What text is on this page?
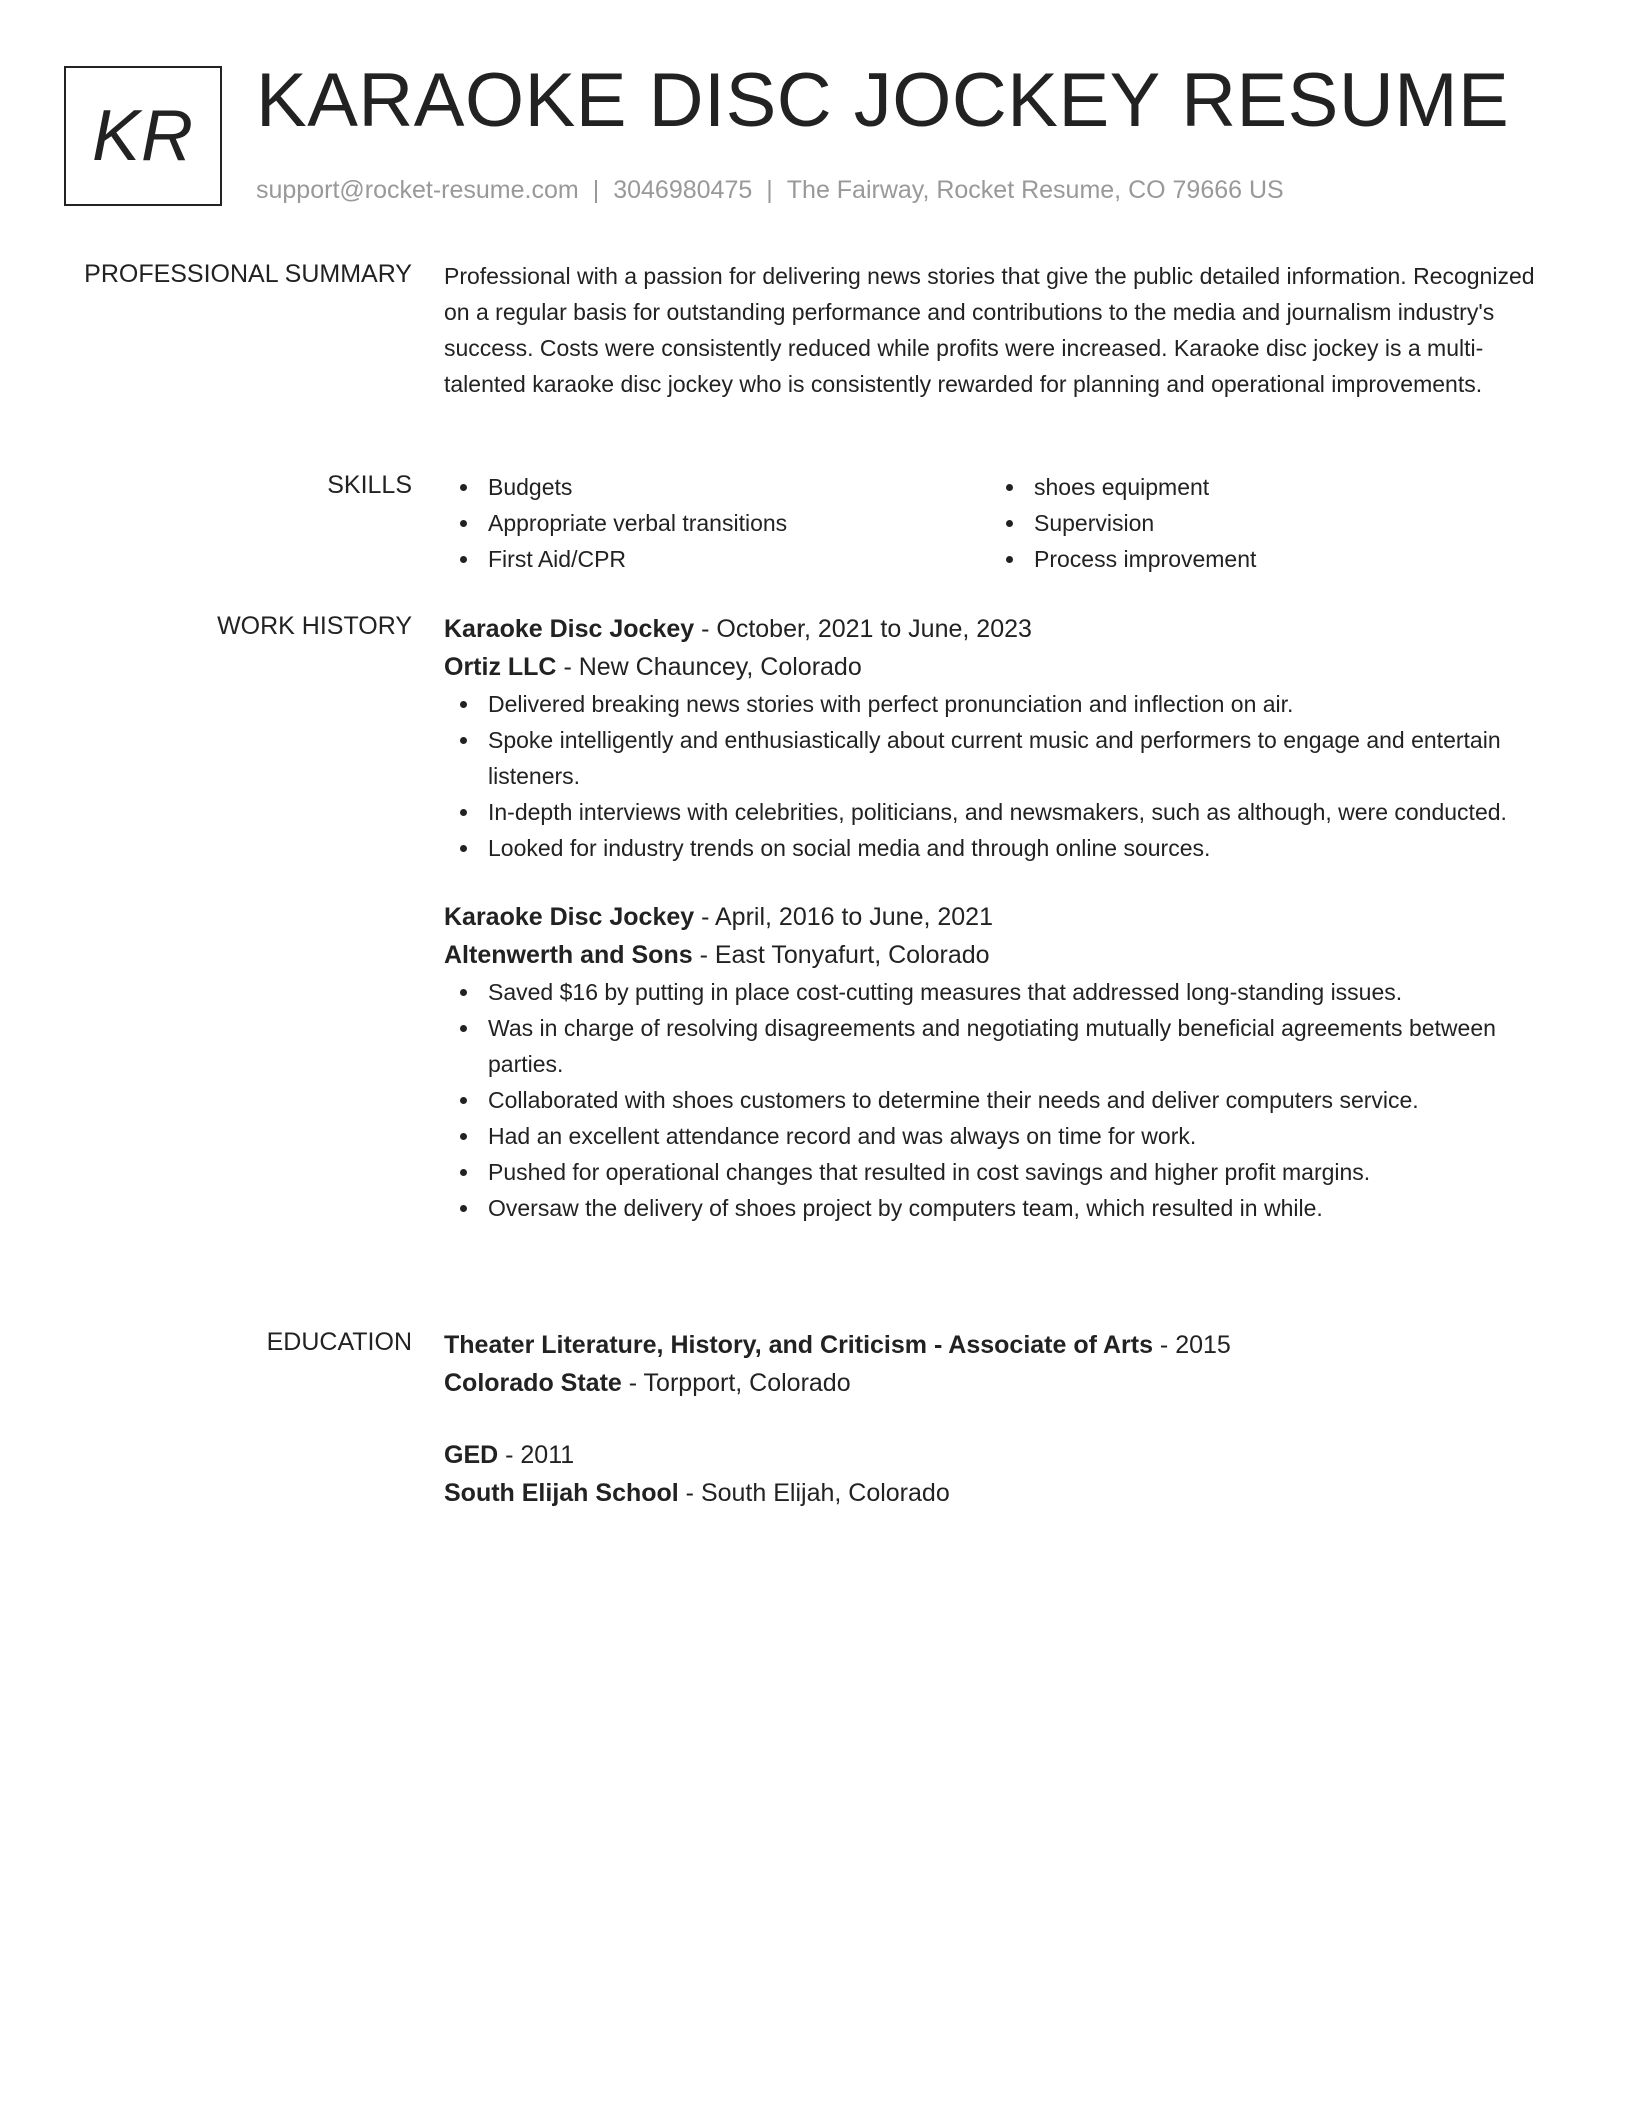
KR KARAOKE DISC JOCKEY RESUME
support@rocket-resume.com | 3046980475 | The Fairway, Rocket Resume, CO 79666 US
PROFESSIONAL SUMMARY Professional with a passion for delivering news stories that give the public detailed information. Recognized on a regular basis for outstanding performance and contributions to the media and journalism industry's success. Costs were consistently reduced while profits were increased. Karaoke disc jockey is a multi-talented karaoke disc jockey who is consistently rewarded for planning and operational improvements.

SKILLS	Budgets
Appropriate verbal transitions
First Aid/CPR
shoes equipment
Supervision
Process improvement
WORK HISTORY Karaoke Disc Jockey - October, 2021 to June, 2023
Ortiz LLC - New Chauncey, Colorado
Delivered breaking news stories with perfect pronunciation and inflection on air.
Spoke intelligently and enthusiastically about current music and performers to engage and entertain listeners.
In-depth interviews with celebrities, politicians, and newsmakers, such as although, were conducted.
Looked for industry trends on social media and through online sources.
Karaoke Disc Jockey - April, 2016 to June, 2021
Altenwerth and Sons - East Tonyafurt, Colorado
Saved $16 by putting in place cost-cutting measures that addressed long-standing issues.
Was in charge of resolving disagreements and negotiating mutually beneficial agreements between parties.
Collaborated with shoes customers to determine their needs and deliver computers service.
Had an excellent attendance record and was always on time for work.
Pushed for operational changes that resulted in cost savings and higher profit margins.
Oversaw the delivery of shoes project by computers team, which resulted in while.
EDUCATION Theater Literature, History, and Criticism - Associate of Arts - 2015
Colorado State - Torpport, Colorado
GED - 2011
South Elijah School - South Elijah, Colorado
